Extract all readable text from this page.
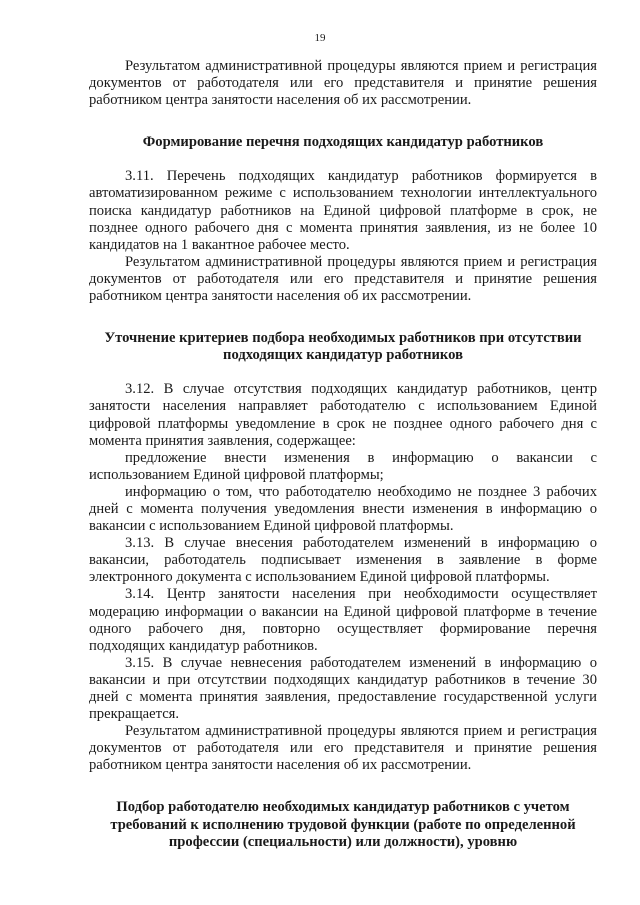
19

Результатом административной процедуры являются прием и регистрация документов от работодателя или его представителя и принятие решения работником центра занятости населения об их рассмотрении.

Формирование перечня подходящих кандидатур работников

3.11. Перечень подходящих кандидатур работников формируется в автоматизированном режиме с использованием технологии интеллектуального поиска кандидатур работников на Единой цифровой платформе в срок, не позднее одного рабочего дня с момента принятия заявления, из не более 10 кандидатов на 1 вакантное рабочее место.

Результатом административной процедуры являются прием и регистрация документов от работодателя или его представителя и принятие решения работником центра занятости населения об их рассмотрении.

Уточнение критериев подбора необходимых работников при отсутствии подходящих кандидатур работников

3.12. В случае отсутствия подходящих кандидатур работников, центр занятости населения направляет работодателю с использованием Единой цифровой платформы уведомление в срок не позднее одного рабочего дня с момента принятия заявления, содержащее:

предложение внести изменения в информацию о вакансии с использованием Единой цифровой платформы;

информацию о том, что работодателю необходимо не позднее 3 рабочих дней с момента получения уведомления внести изменения в информацию о вакансии с использованием Единой цифровой платформы.

3.13. В случае внесения работодателем изменений в информацию о вакансии, работодатель подписывает изменения в заявление в форме электронного документа с использованием Единой цифровой платформы.

3.14. Центр занятости населения при необходимости осуществляет модерацию информации о вакансии на Единой цифровой платформе в течение одного рабочего дня, повторно осуществляет формирование перечня подходящих кандидатур работников.

3.15. В случае невнесения работодателем изменений в информацию о вакансии и при отсутствии подходящих кандидатур работников в течение 30 дней с момента принятия заявления, предоставление государственной услуги прекращается.

Результатом административной процедуры являются прием и регистрация документов от работодателя или его представителя и принятие решения работником центра занятости населения об их рассмотрении.

Подбор работодателю необходимых кандидатур работников с учетом требований к исполнению трудовой функции (работе по определенной профессии (специальности) или должности), уровню
